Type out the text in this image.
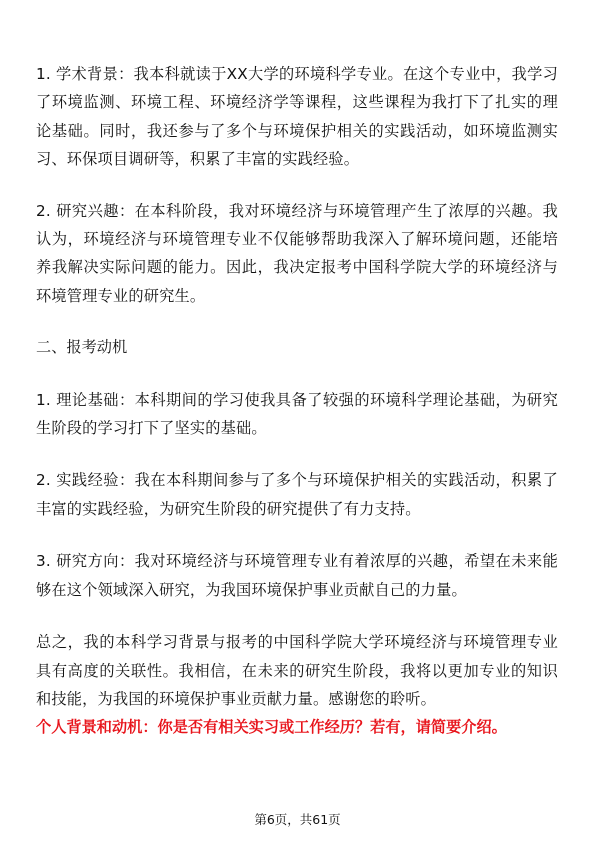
1. 学术背景：我本科就读于XX大学的环境科学专业。在这个专业中，我学习了环境监测、环境工程、环境经济学等课程，这些课程为我打下了扎实的理论基础。同时，我还参与了多个与环境保护相关的实践活动，如环境监测实习、环保项目调研等，积累了丰富的实践经验。

2. 研究兴趣：在本科阶段，我对环境经济与环境管理产生了浓厚的兴趣。我认为，环境经济与环境管理专业不仅能够帮助我深入了解环境问题，还能培养我解决实际问题的能力。因此，我决定报考中国科学院大学的环境经济与环境管理专业的研究生。

二、报考动机

1. 理论基础：本科期间的学习使我具备了较强的环境科学理论基础，为研究生阶段的学习打下了坚实的基础。

2. 实践经验：我在本科期间参与了多个与环境保护相关的实践活动，积累了丰富的实践经验，为研究生阶段的研究提供了有力支持。

3. 研究方向：我对环境经济与环境管理专业有着浓厚的兴趣，希望在未来能够在这个领域深入研究，为我国环境保护事业贡献自己的力量。

总之，我的本科学习背景与报考的中国科学院大学环境经济与环境管理专业具有高度的关联性。我相信，在未来的研究生阶段，我将以更加专业的知识和技能，为我国的环境保护事业贡献力量。感谢您的聆听。

个人背景和动机：你是否有相关实习或工作经历？若有，请简要介绍。

第6页，共61页
